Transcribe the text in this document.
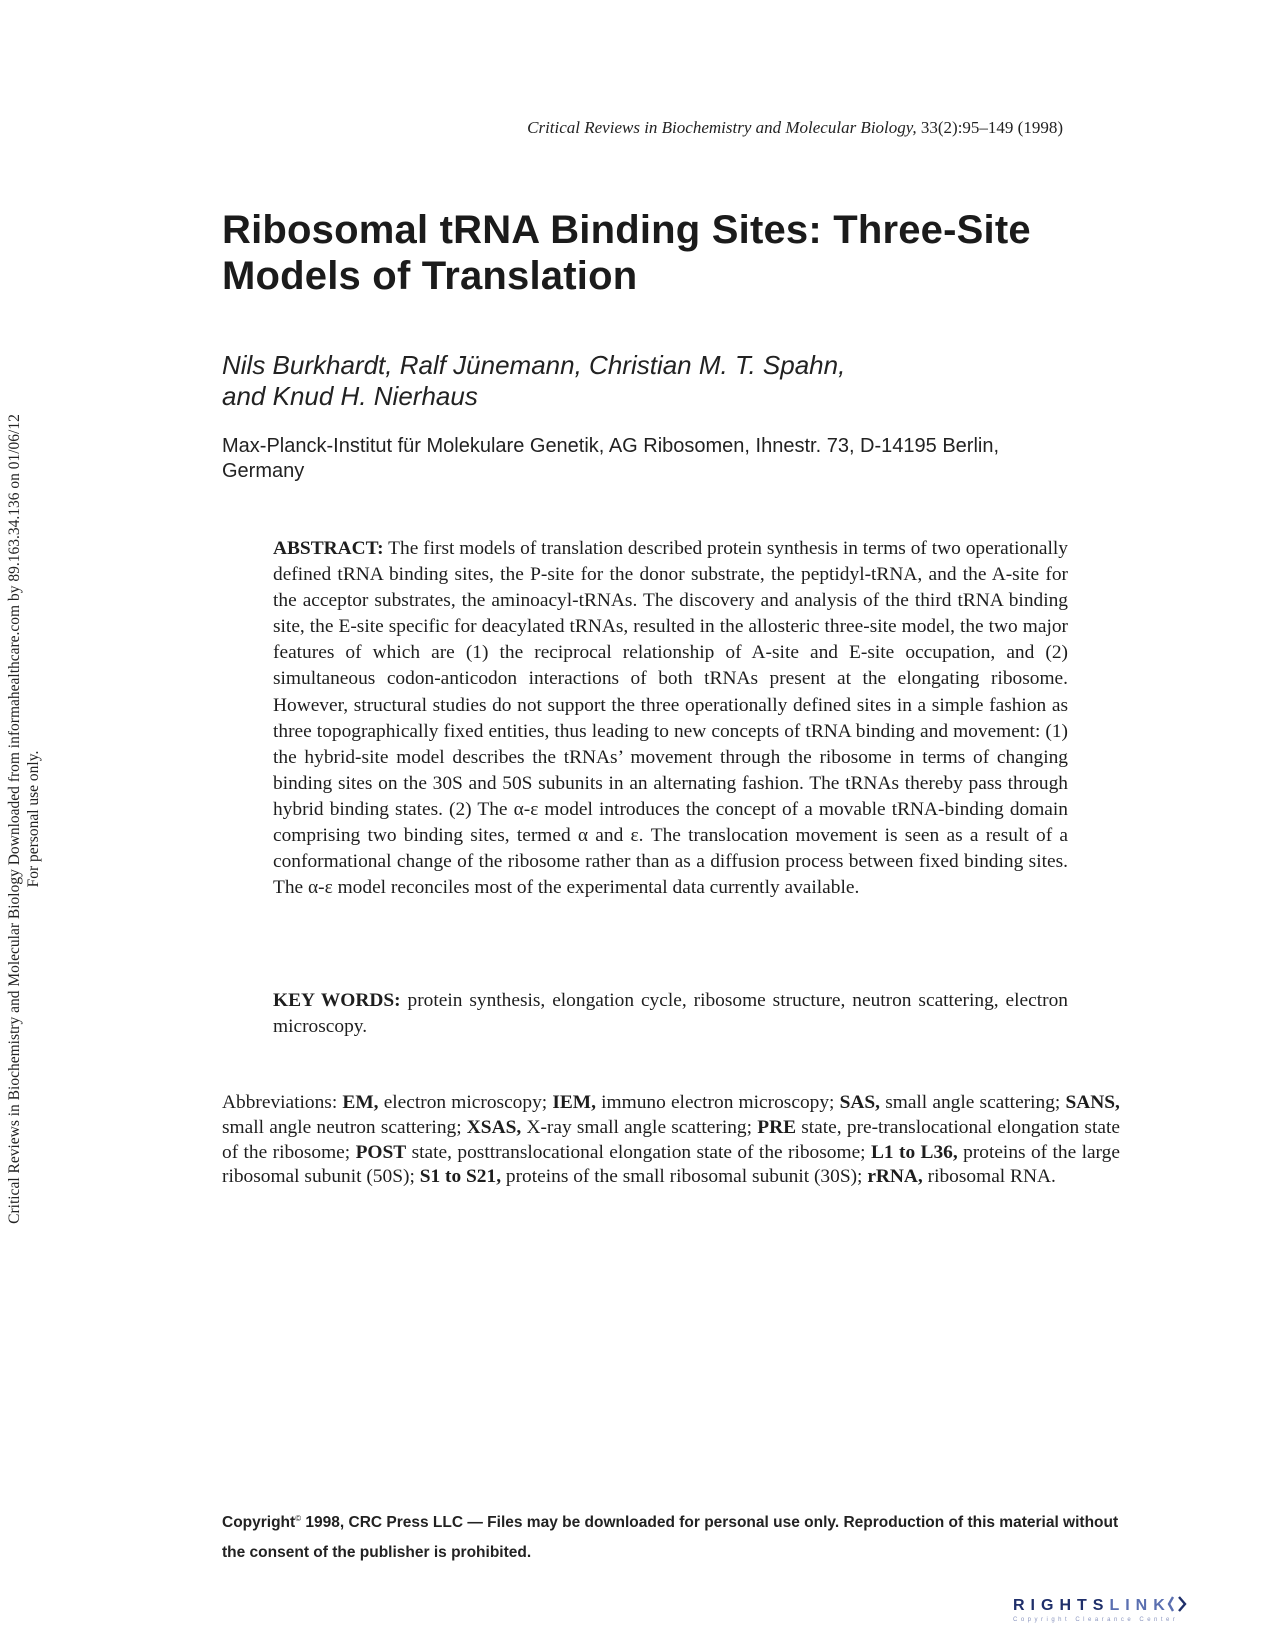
Critical Reviews in Biochemistry and Molecular Biology, 33(2):95–149 (1998)
Ribosomal tRNA Binding Sites: Three-Site
Models of Translation
Nils Burkhardt, Ralf Jünemann, Christian M. T. Spahn,
and Knud H. Nierhaus
Max-Planck-Institut für Molekulare Genetik, AG Ribosomen, Ihnestr. 73, D-14195 Berlin,
Germany
ABSTRACT: The first models of translation described protein synthesis in terms of two operationally defined tRNA binding sites, the P-site for the donor substrate, the peptidyl-tRNA, and the A-site for the acceptor substrates, the aminoacyl-tRNAs. The discovery and analysis of the third tRNA binding site, the E-site specific for deacylated tRNAs, resulted in the allosteric three-site model, the two major features of which are (1) the reciprocal relationship of A-site and E-site occupation, and (2) simultaneous codon-anticodon interactions of both tRNAs present at the elongating ribosome. However, structural studies do not support the three operationally defined sites in a simple fashion as three topographically fixed entities, thus leading to new concepts of tRNA binding and movement: (1) the hybrid-site model describes the tRNAs’ movement through the ribosome in terms of changing binding sites on the 30S and 50S subunits in an alternating fashion. The tRNAs thereby pass through hybrid binding states. (2) The α-ε model introduces the concept of a movable tRNA-binding domain comprising two binding sites, termed α and ε. The translocation movement is seen as a result of a conformational change of the ribosome rather than as a diffusion process between fixed binding sites. The α-ε model reconciles most of the experimental data currently available.
KEY WORDS: protein synthesis, elongation cycle, ribosome structure, neutron scattering, electron microscopy.
Abbreviations: EM, electron microscopy; IEM, immuno electron microscopy; SAS, small angle scattering; SANS, small angle neutron scattering; XSAS, X-ray small angle scattering; PRE state, pre-translocational elongation state of the ribosome; POST state, posttranslocational elongation state of the ribosome; L1 to L36, proteins of the large ribosomal subunit (50S); S1 to S21, proteins of the small ribosomal subunit (30S); rRNA, ribosomal RNA.
Copyright© 1998, CRC Press LLC — Files may be downloaded for personal use only. Reproduction of this material without the consent of the publisher is prohibited.
Critical Reviews in Biochemistry and Molecular Biology Downloaded from informahealthcare.com by 89.163.34.136 on 01/06/12 For personal use only.
RIGHTSLINK
Copyright Clearance Center
